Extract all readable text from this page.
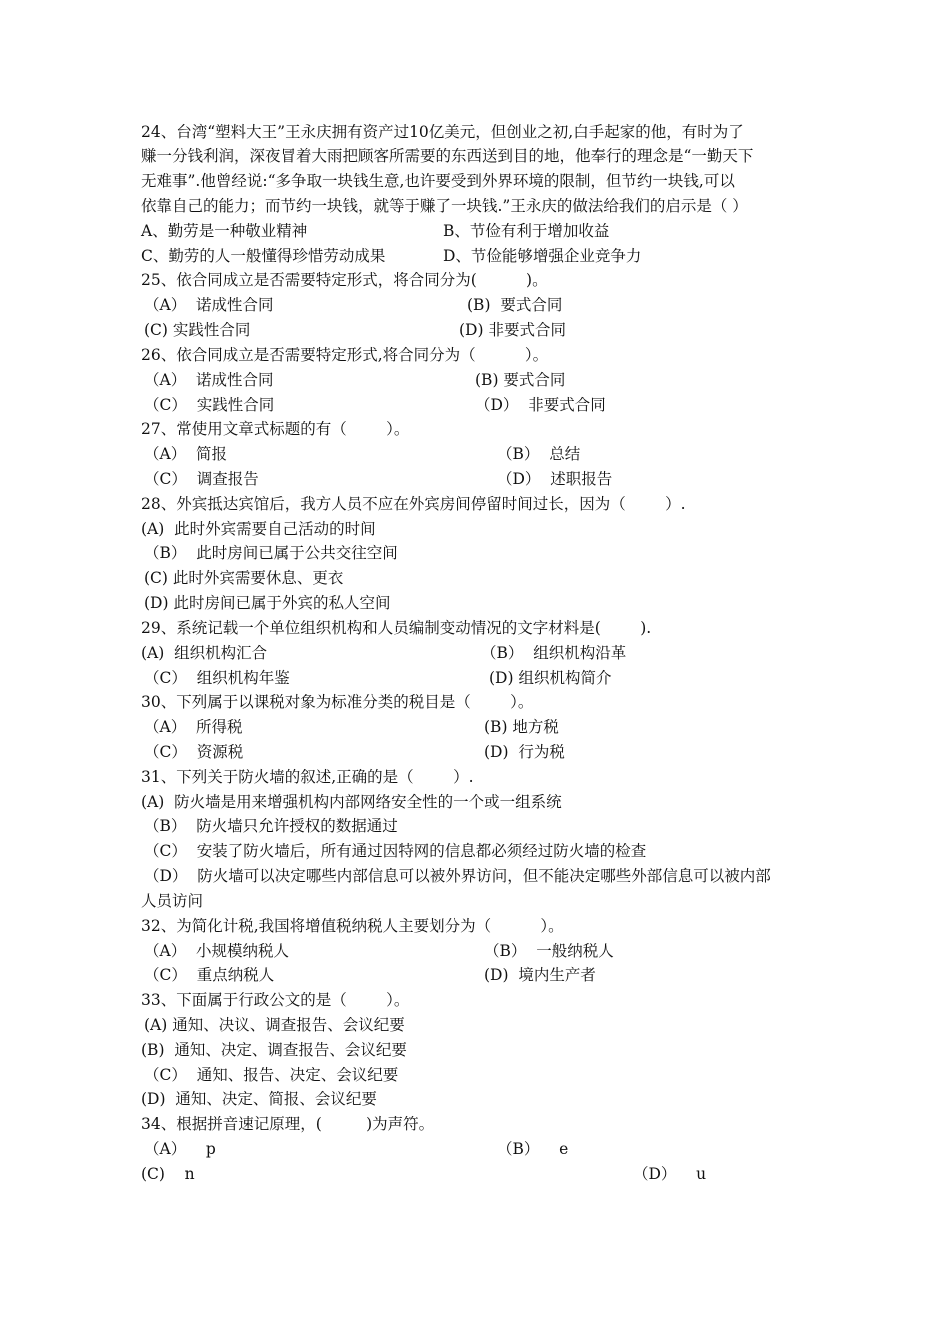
24、台湾“塑料大王”王永庆拥有资产过10亿美元，但创业之初,白手起家的他，有时为了
赚一分钱利润，深夜冒着大雨把顾客所需要的东西送到目的地，他奉行的理念是“一勤天下
无难事”.他曾经说:“多争取一块钱生意,也许要受到外界环境的限制，但节约一块钱,可以
依靠自己的能力；而节约一块钱，就等于赚了一块钱.”王永庆的做法给我们的启示是（ ）
A、勤劳是一种敬业精神	B、节俭有利于增加收益
C、勤劳的人一般懂得珍惜劳动成果	D、节俭能够增强企业竞争力
25、依合同成立是否需要特定形式，将合同分为(          )。
（A）  诺成性合同	(B)  要式合同
(C) 实践性合同	(D) 非要式合同
26、依合同成立是否需要特定形式,将合同分为（          ）。
（A）  诺成性合同	(B) 要式合同
（C）  实践性合同	（D）  非要式合同
27、常使用文章式标题的有（        ）。
（A）  简报	（B）  总结
（C）  调查报告	（D）  述职报告
28、外宾抵达宾馆后，我方人员不应在外宾房间停留时间过长，因为（        ）.
(A)  此时外宾需要自己活动的时间
（B）  此时房间已属于公共交往空间
(C) 此时外宾需要休息、更衣
(D) 此时房间已属于外宾的私人空间
29、系统记载一个单位组织机构和人员编制变动情况的文字材料是(        ).
(A)  组织机构汇合	（B）  组织机构沿革
（C）  组织机构年鉴	(D) 组织机构简介
30、下列属于以课税对象为标准分类的税目是（        ）。
（A）  所得税	(B) 地方税
（C）  资源税	(D)  行为税
31、下列关于防火墙的叙述,正确的是（        ）.
(A)  防火墙是用来增强机构内部网络安全性的一个或一组系统
（B）  防火墙只允许授权的数据通过
（C）  安装了防火墙后，所有通过因特网的信息都必须经过防火墙的检查
（D）  防火墙可以决定哪些内部信息可以被外界访问，但不能决定哪些外部信息可以被内部
人员访问
32、为简化计税,我国将增值税纳税人主要划分为（          ）。
（A）  小规模纳税人	（B）  一般纳税人
（C）  重点纳税人	(D)  境内生产者
33、下面属于行政公文的是（        ）。
(A) 通知、决议、调查报告、会议纪要
(B)  通知、决定、调查报告、会议纪要
（C）  通知、报告、决定、会议纪要
(D)  通知、决定、简报、会议纪要
34、根据拼音速记原理，(         )为声符。
（A）    p	（B）    e
(C)    n	（D）    u
